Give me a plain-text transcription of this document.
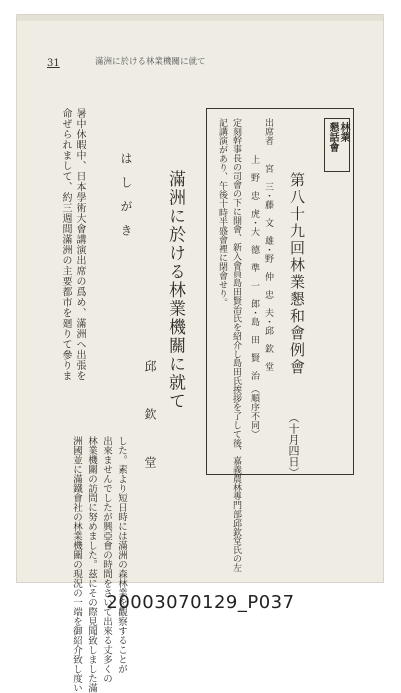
31	滿洲に於ける林業機關に就て
暑中休暇中、日本學術大會講演出席の爲め、滿洲へ出張を
命ぜられまして、約三週間滿洲の主要都市を廻りて參りま	は　し　が　き 滿洲に於ける林業機關に就て
邱　　　欽　　　堂
した。素より短日時には滿洲の森林業を觀察することが
出來ませんでしたが興亞會の時間をさいて出來る丈多くの
林業機關の訪問に努めました。茲にその際見聞致しました滿
洲國並に滿鐵會社の林業機關の現況の一端を御紹介致し度い
林業
懇話會
第八十九回林業懇和會例會
（十月四日）
出席者
　宮　三・藤　文　雄・野　仲　忠　夫・邱　欽　堂
上　野　忠　虎・大　德　準　一　郎・島　田　賢　治　（順序不同）
定刻幹事長の司會の下に開會、新入會員島田賢治氏を紹介し島田氏挨拶を了して後、嘉義農林專門部邱欽堂氏の左
記講演があり、午後十時半盛會裡に閉會せり。
20003070129_P037
